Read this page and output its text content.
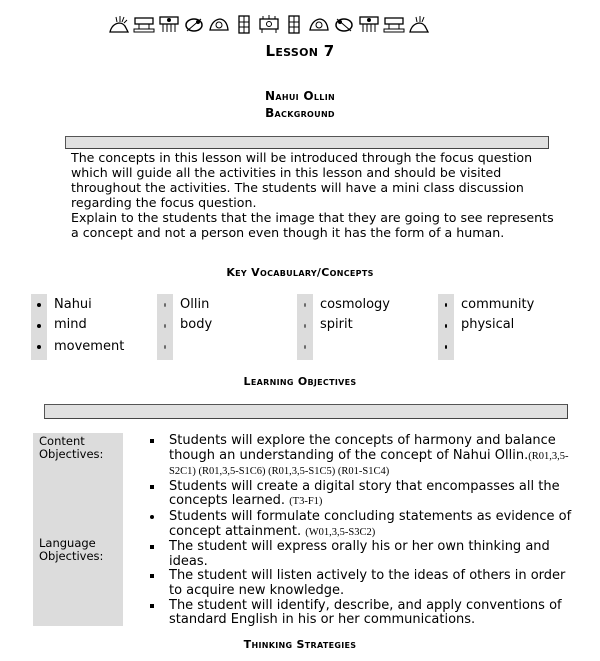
Lesson 7
Nahui Ollin
Background

The concepts in this lesson will be introduced through the focus question which will guide all the activities in this lesson and should be visited throughout the activities. The students will have a mini class discussion regarding the focus question.

Explain to the students that the image that they are going to see represents a concept and not a person even though it has the form of a human.

Key Vocabulary/Concepts
Nahui
mind
movement
Ollin
body
cosmology
spirit
community
physical
Learning Objectives
Content Objectives:
Language Objectives:
Students will explore the concepts of harmony and balance though an understanding of the concept of Nahui Ollin.(R01,3,5-S2C1) (R01,3,5-S1C6) (R01,3,5-S1C5) (R01-S1C4)
Students will create a digital story that encompasses all the concepts learned. (T3-F1)
Students will formulate concluding statements as evidence of concept attainment. (W01,3,5-S3C2)
The student will express orally his or her own thinking and ideas.
The student will listen actively to the ideas of others in order to acquire new knowledge.
The student will identify, describe, and apply conventions of standard English in his or her communications.
Thinking Strategies
